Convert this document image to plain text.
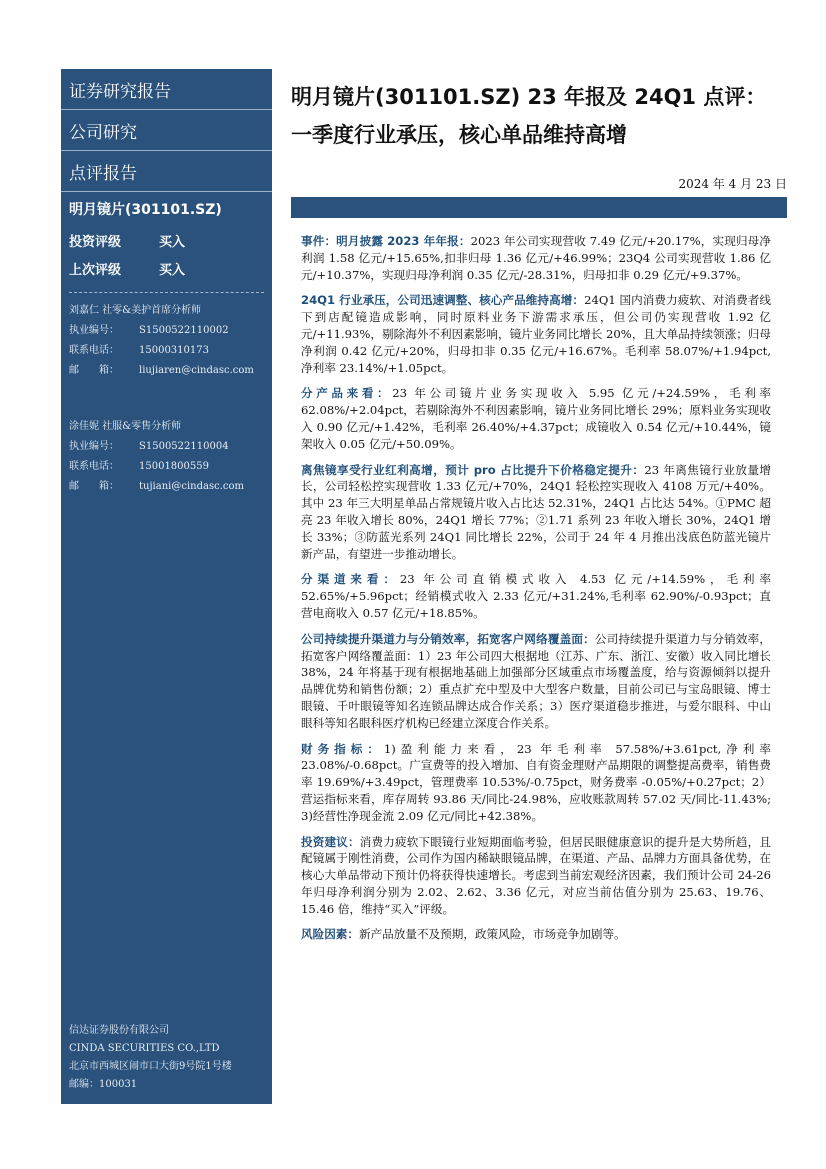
证券研究报告
公司研究
点评报告
明月镜片(301101.SZ)
投资评级	买入
上次评级	买入
刘嘉仁 社零&美护首席分析师
执业编号：	S1500522110002
联系电话：	15000310173
邮　　箱：	liujiaren@cindasc.com
涂佳妮 社服&零售分析师
执业编号：	S1500522110004
联系电话：	15001800559
邮　　箱：	tujiani@cindasc.com
信达证券股份有限公司
CINDA SECURITIES CO.,LTD
北京市西城区闹市口大街9号院1号楼
邮编：100031
明月镜片(301101.SZ) 23 年报及 24Q1 点评：
一季度行业承压，核心单品维持高增
2024 年 4 月 23 日

事件：明月披露 2023 年年报：2023 年公司实现营收 7.49 亿元/+20.17%，实现归母净利润 1.58 亿元/+15.65%,扣非归母 1.36 亿元/+46.99%；23Q4 公司实现营收 1.86 亿元/+10.37%，实现归母净利润 0.35 亿元/-28.31%，归母扣非 0.29 亿元/+9.37%。

24Q1 行业承压，公司迅速调整、核心产品维持高增：24Q1 国内消费力疲软、对消费者线下到店配镜造成影响，同时原料业务下游需求承压，但公司仍实现营收 1.92 亿元/+11.93%，剔除海外不利因素影响，镜片业务同比增长 20%，且大单品持续领涨；归母净利润 0.42 亿元/+20%，归母扣非 0.35 亿元/+16.67%。毛利率 58.07%/+1.94pct,净利率 23.14%/+1.05pct。

分产品来看：23 年公司镜片业务实现收入 5.95 亿元/+24.59%，毛利率 62.08%/+2.04pct，若剔除海外不利因素影响，镜片业务同比增长 29%；原料业务实现收入 0.90 亿元/+1.42%，毛利率 26.40%/+4.37pct；成镜收入 0.54 亿元/+10.44%，镜架收入 0.05 亿元/+50.09%。

离焦镜享受行业红利高增，预计 pro 占比提升下价格稳定提升：23 年离焦镜行业放量增长，公司轻松控实现营收 1.33 亿元/+70%，24Q1 轻松控实现收入 4108 万元/+40%。其中 23 年三大明星单品占常规镜片收入占比达 52.31%，24Q1 占比达 54%。①PMC 超亮 23 年收入增长 80%，24Q1 增长 77%；②1.71 系列 23 年收入增长 30%，24Q1 增长 33%；③防蓝光系列 24Q1 同比增长 22%，公司于 24 年 4 月推出浅底色防蓝光镜片新产品，有望进一步推动增长。

分渠道来看：23 年公司直销模式收入 4.53 亿元/+14.59%，毛利率 52.65%/+5.96pct；经销模式收入 2.33 亿元/+31.24%,毛利率 62.90%/-0.93pct；直营电商收入 0.57 亿元/+18.85%。

公司持续提升渠道力与分销效率，拓宽客户网络覆盖面：公司持续提升渠道力与分销效率，拓宽客户网络覆盖面：1）23 年公司四大根据地（江苏、广东、浙江、安徽）收入同比增长 38%，24 年将基于现有根据地基础上加强部分区域重点市场覆盖度，给与资源倾斜以提升品牌优势和销售份额；2）重点扩充中型及中大型客户数量，目前公司已与宝岛眼镜、博士眼镜、千叶眼镜等知名连锁品牌达成合作关系；3）医疗渠道稳步推进，与爱尔眼科、中山眼科等知名眼科医疗机构已经建立深度合作关系。

财务指标：1)盈利能力来看，23 年毛利率 57.58%/+3.61pct,净利率 23.08%/-0.68pct。广宣费等的投入增加、自有资金理财产品期限的调整提高费率，销售费率 19.69%/+3.49pct，管理费率 10.53%/-0.75pct，财务费率 -0.05%/+0.27pct；2）营运指标来看，库存周转 93.86 天/同比-24.98%，应收账款周转 57.02 天/同比-11.43%; 3)经营性净现金流 2.09 亿元/同比+42.38%。

投资建议：消费力疲软下眼镜行业短期面临考验，但居民眼健康意识的提升是大势所趋，且配镜属于刚性消费，公司作为国内稀缺眼镜品牌，在渠道、产品、品牌力方面具备优势，在核心大单品带动下预计仍将获得快速增长。考虑到当前宏观经济因素，我们预计公司 24-26 年归母净利润分别为 2.02、2.62、3.36 亿元，对应当前估值分别为 25.63、19.76、15.46 倍，维持“买入”评级。

风险因素：新产品放量不及预期，政策风险，市场竞争加剧等。
